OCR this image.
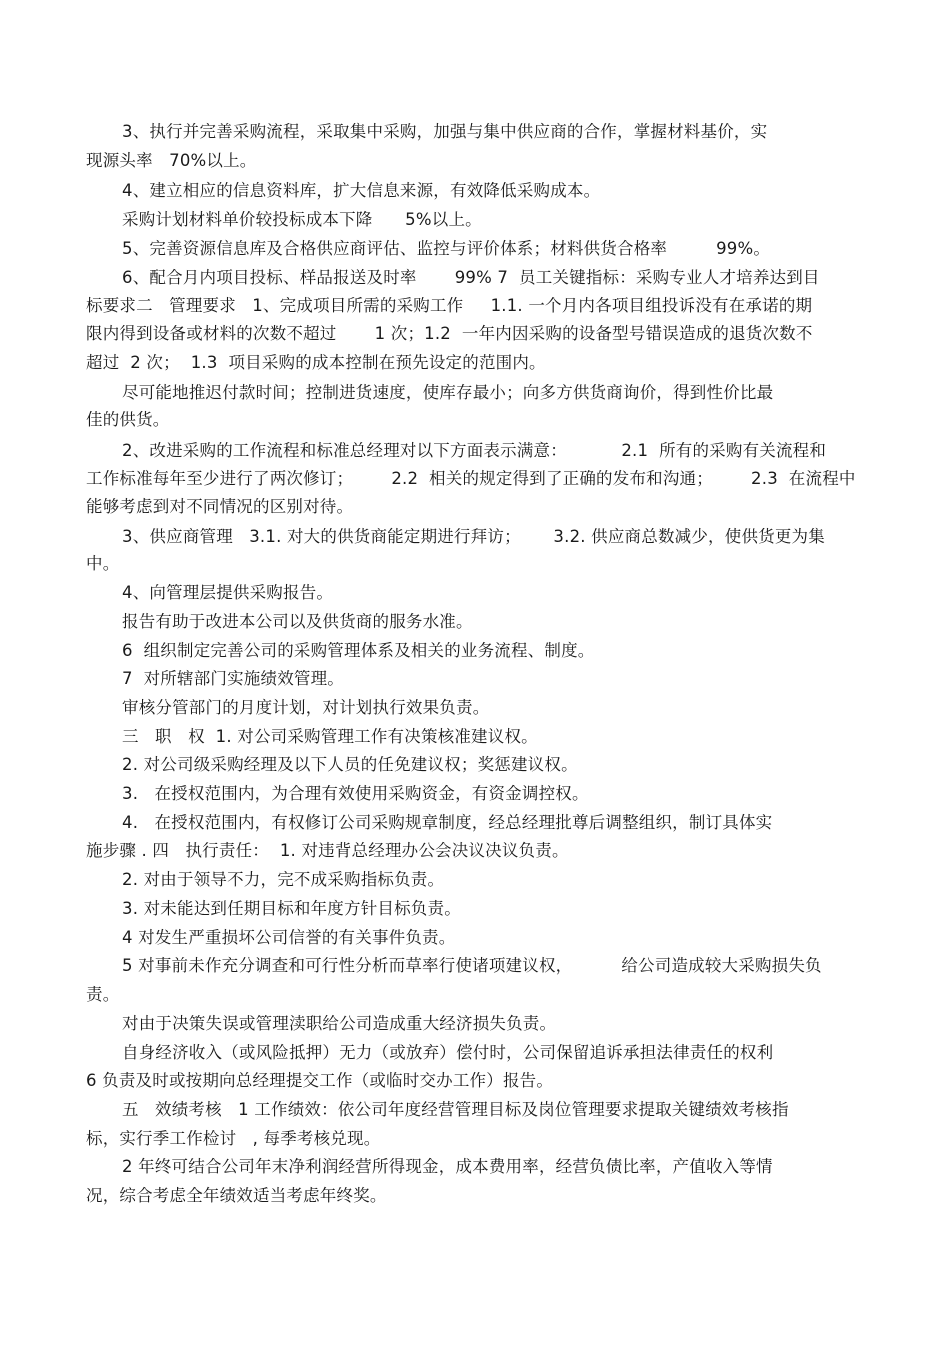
3、执行并完善采购流程，采取集中采购，加强与集中供应商的合作，掌握材料基价，实
现源头率   70%以上。
4、建立相应的信息资料库，扩大信息来源，有效降低采购成本。
采购计划材料单价较投标成本下降      5%以上。
5、完善资源信息库及合格供应商评估、监控与评价体系；材料供货合格率         99%。
6、配合月内项目投标、样品报送及时率       99% 7  员工关键指标：采购专业人才培养达到目
标要求二   管理要求   1、完成项目所需的采购工作     1.1. 一个月内各项目组投诉没有在承诺的期
限内得到设备或材料的次数不超过       1 次；1.2  一年内因采购的设备型号错误造成的退货次数不
超过  2 次；  1.3  项目采购的成本控制在预先设定的范围内。
尽可能地推迟付款时间；控制进货速度，使库存最小；向多方供货商询价，得到性价比最
佳的供货。
2、改进采购的工作流程和标准总经理对以下方面表示满意：          2.1  所有的采购有关流程和
工作标准每年至少进行了两次修订；       2.2  相关的规定得到了正确的发布和沟通；       2.3  在流程中
能够考虑到对不同情况的区别对待。
3、供应商管理   3.1. 对大的供货商能定期进行拜访；      3.2. 供应商总数减少，使供货更为集
中。
4、向管理层提供采购报告。
报告有助于改进本公司以及供货商的服务水准。
6  组织制定完善公司的采购管理体系及相关的业务流程、制度。
7  对所辖部门实施绩效管理。
审核分管部门的月度计划，对计划执行效果负责。
三   职   权  1. 对公司采购管理工作有决策核准建议权。
2. 对公司级采购经理及以下人员的任免建议权；奖惩建议权。
3.   在授权范围内，为合理有效使用采购资金，有资金调控权。
4.   在授权范围内，有权修订公司采购规章制度，经总经理批尊后调整组织，制订具体实
施步骤 . 四   执行责任：  1. 对违背总经理办公会决议决议负责。
2. 对由于领导不力，完不成采购指标负责。
3. 对未能达到任期目标和年度方针目标负责。
4 对发生严重损坏公司信誉的有关事件负责。
5 对事前未作充分调查和可行性分析而草率行使诸项建议权，         给公司造成较大采购损失负
责。
对由于决策失误或管理渎职给公司造成重大经济损失负责。
自身经济收入（或风险抵押）无力（或放弃）偿付时，公司保留追诉承担法律责任的权利
6 负责及时或按期向总经理提交工作（或临时交办工作）报告。
五   效绩考核   1 工作绩效：依公司年度经营管理目标及岗位管理要求提取关键绩效考核指
标，实行季工作检讨   , 每季考核兑现。
2 年终可结合公司年末净利润经营所得现金，成本费用率，经营负债比率，产值收入等情
况，综合考虑全年绩效适当考虑年终奖。
